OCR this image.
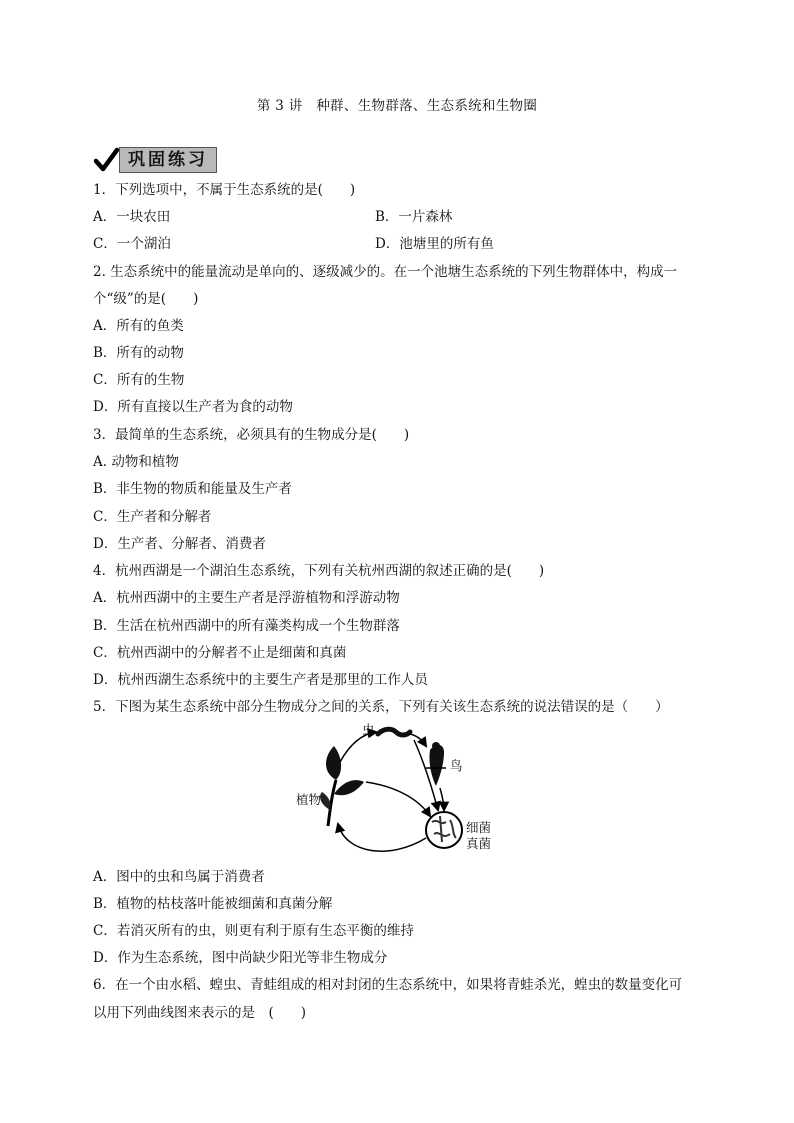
第 3 讲　种群、生物群落、生态系统和生物圈
巩固练习
1．下列选项中，不属于生态系统的是(　　)
A．一块农田	B．一片森林
C．一个湖泊	D．池塘里的所有鱼
2. 生态系统中的能量流动是单向的、逐级减少的。在一个池塘生态系统的下列生物群体中，构成一
个“级”的是(　　)
A．所有的鱼类
B．所有的动物
C．所有的生物
D．所有直接以生产者为食的动物
3．最简单的生态系统，必须具有的生物成分是(　　)
A. 动物和植物
B．非生物的物质和能量及生产者
C．生产者和分解者
D．生产者、分解者、消费者
4．杭州西湖是一个湖泊生态系统，下列有关杭州西湖的叙述正确的是(　　)
A．杭州西湖中的主要生产者是浮游植物和浮游动物
B．生活在杭州西湖中的所有藻类构成一个生物群落
C．杭州西湖中的分解者不止是细菌和真菌
D．杭州西湖生态系统中的主要生产者是那里的工作人员
5．下图为某生态系统中部分生物成分之间的关系，下列有关该生态系统的说法错误的是（　　）
虫
鸟
植物
细菌
真菌
A．图中的虫和鸟属于消费者
B．植物的枯枝落叶能被细菌和真菌分解
C．若消灭所有的虫，则更有利于原有生态平衡的维持
D．作为生态系统，图中尚缺少阳光等非生物成分
6．在一个由水稻、蝗虫、青蛙组成的相对封闭的生态系统中，如果将青蛙杀光，蝗虫的数量变化可
以用下列曲线图来表示的是　(　　)
